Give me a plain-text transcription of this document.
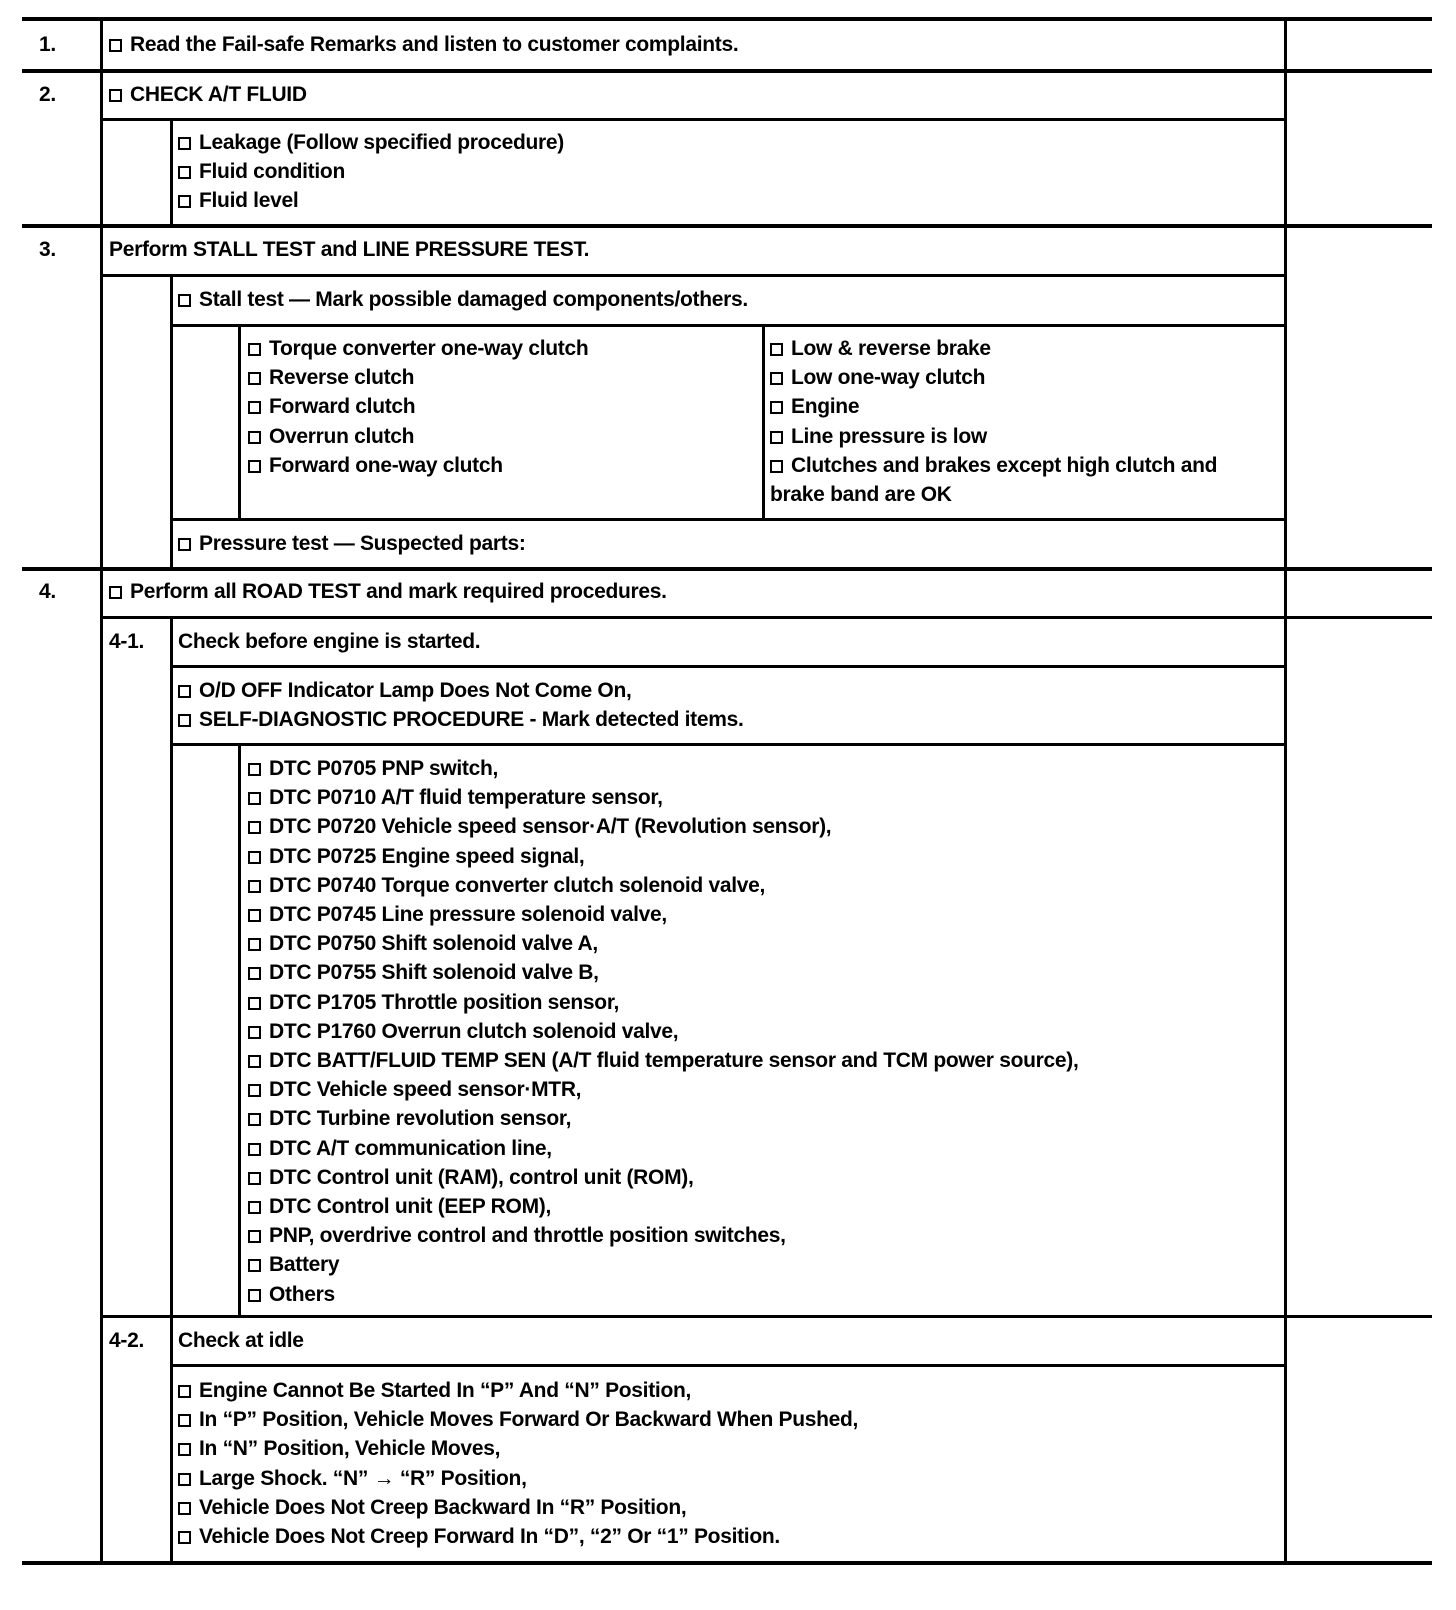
1.	Read the Fail-safe Remarks and listen to customer complaints.
2.	CHECK A/T FLUID
Leakage (Follow specified procedure)
Fluid condition
Fluid level
3.	Perform STALL TEST and LINE PRESSURE TEST.
Stall test — Mark possible damaged components/others.
Torque converter one-way clutch
Reverse clutch
Forward clutch
Overrun clutch
Forward one-way clutch
Low & reverse brake
Low one-way clutch
Engine
Line pressure is low
Clutches and brakes except high clutch and brake band are OK
Pressure test — Suspected parts:
4.	Perform all ROAD TEST and mark required procedures.
4-1. Check before engine is started.
O/D OFF Indicator Lamp Does Not Come On,
SELF-DIAGNOSTIC PROCEDURE - Mark detected items.
DTC P0705 PNP switch,
DTC P0710 A/T fluid temperature sensor,
DTC P0720 Vehicle speed sensor·A/T (Revolution sensor),
DTC P0725 Engine speed signal,
DTC P0740 Torque converter clutch solenoid valve,
DTC P0745 Line pressure solenoid valve,
DTC P0750 Shift solenoid valve A,
DTC P0755 Shift solenoid valve B,
DTC P1705 Throttle position sensor,
DTC P1760 Overrun clutch solenoid valve,
DTC BATT/FLUID TEMP SEN (A/T fluid temperature sensor and TCM power source),
DTC Vehicle speed sensor·MTR,
DTC Turbine revolution sensor,
DTC A/T communication line,
DTC Control unit (RAM), control unit (ROM),
DTC Control unit (EEP ROM),
PNP, overdrive control and throttle position switches,
Battery
Others
4-2. Check at idle
Engine Cannot Be Started In “P” And “N” Position,
In “P” Position, Vehicle Moves Forward Or Backward When Pushed,
In “N” Position, Vehicle Moves,
Large Shock. “N” → “R” Position,
Vehicle Does Not Creep Backward In “R” Position,
Vehicle Does Not Creep Forward In “D”, “2” Or “1” Position.
